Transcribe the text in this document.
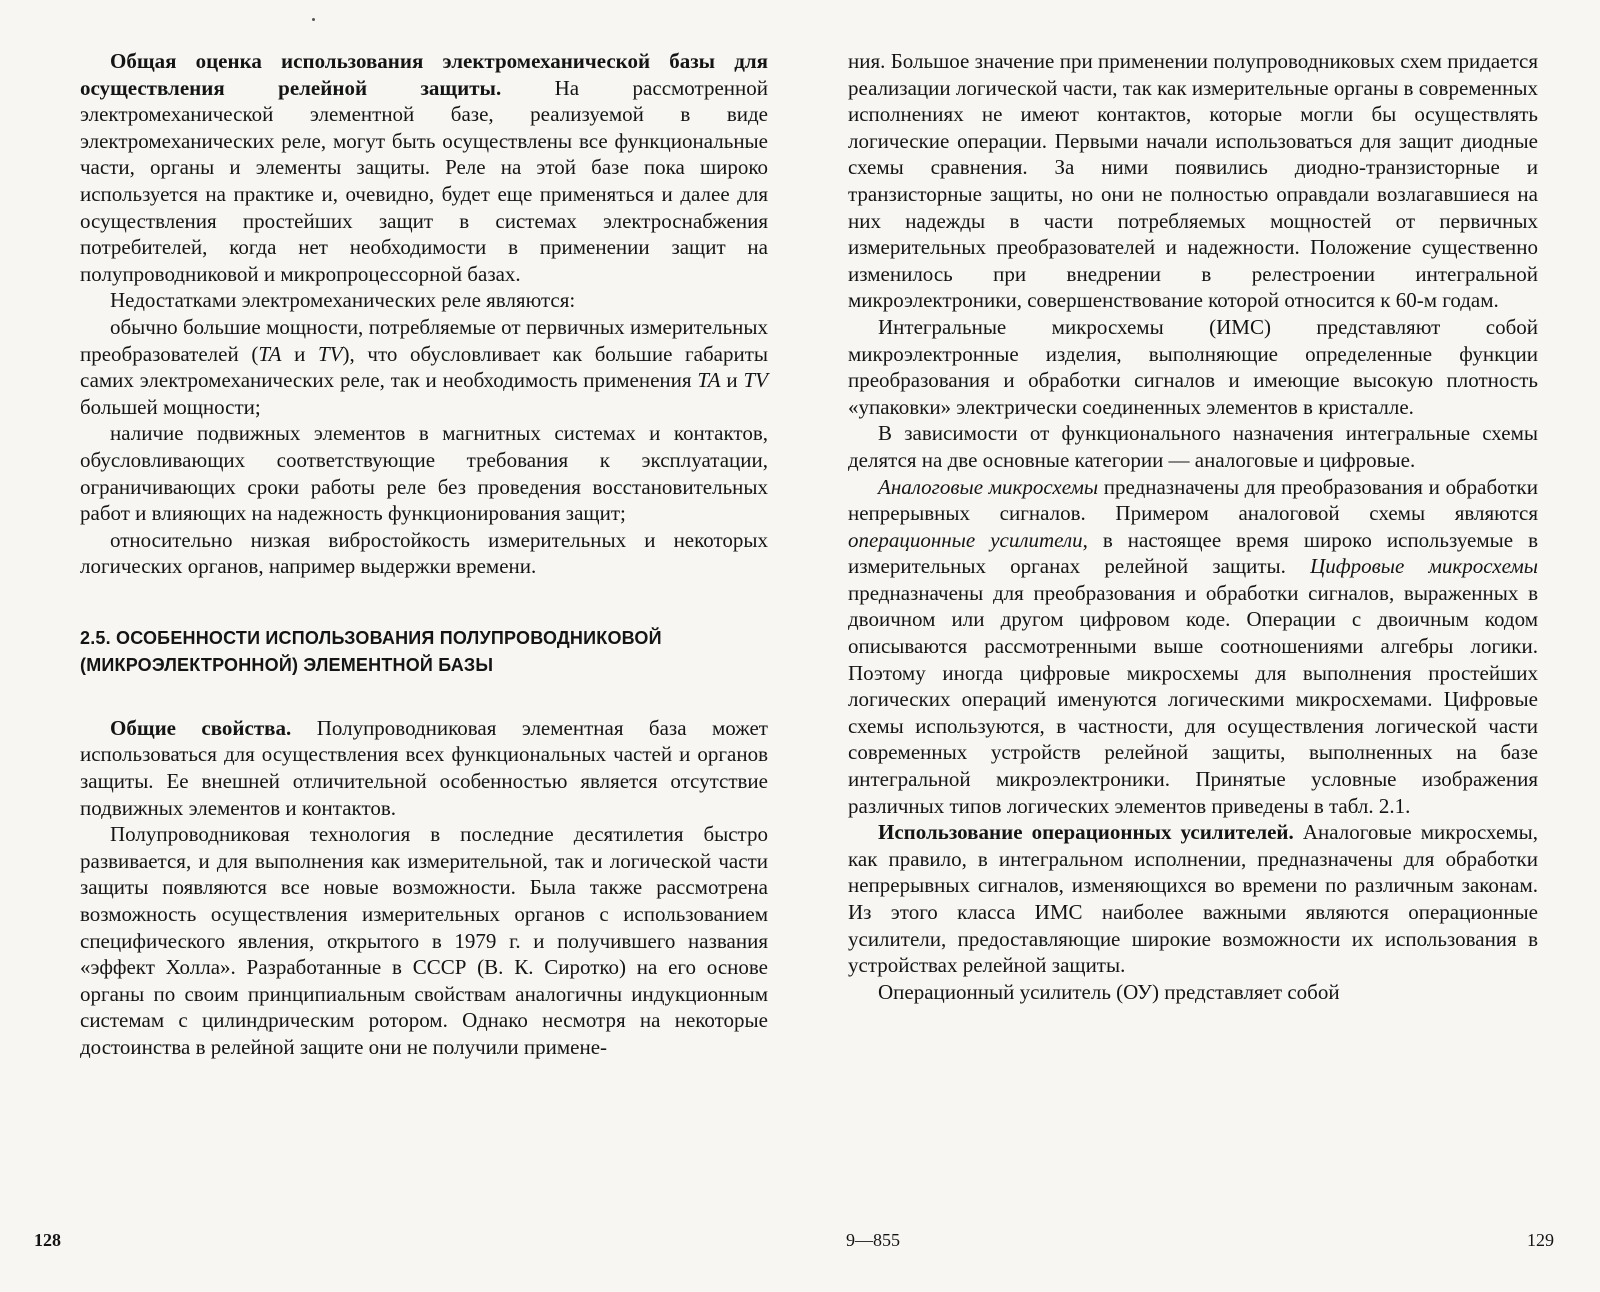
Общая оценка использования электромеханической базы для осуществления релейной защиты. На рассмотренной электромеханической элементной базе, реализуемой в виде электромеханических реле, могут быть осуществлены все функциональные части, органы и элементы защиты. Реле на этой базе пока широко используется на практике и, очевидно, будет еще применяться и далее для осуществления простейших защит в системах электроснабжения потребителей, когда нет необходимости в применении защит на полупроводниковой и микропроцессорной базах.

Недостатками электромеханических реле являются:

обычно большие мощности, потребляемые от первичных измерительных преобразователей (ТА и TV), что обусловливает как большие габариты самих электромеханических реле, так и необходимость применения ТА и TV большей мощности;

наличие подвижных элементов в магнитных системах и контактов, обусловливающих соответствующие требования к эксплуатации, ограничивающих сроки работы реле без проведения восстановительных работ и влияющих на надежность функционирования защит;

относительно низкая вибростойкость измерительных и некоторых логических органов, например выдержки времени.

2.5. ОСОБЕННОСТИ ИСПОЛЬЗОВАНИЯ ПОЛУПРОВОДНИКОВОЙ
(МИКРОЭЛЕКТРОННОЙ) ЭЛЕМЕНТНОЙ БАЗЫ

Общие свойства. Полупроводниковая элементная база может использоваться для осуществления всех функциональных частей и органов защиты. Ее внешней отличительной особенностью является отсутствие подвижных элементов и контактов.

Полупроводниковая технология в последние десятилетия быстро развивается, и для выполнения как измерительной, так и логической части защиты появляются все новые возможности. Была также рассмотрена возможность осуществления измерительных органов с использованием специфического явления, открытого в 1979 г. и получившего названия «эффект Холла». Разработанные в СССР (В. К. Сиротко) на его основе органы по своим принципиальным свойствам аналогичны индукционным системам с цилиндрическим ротором. Однако несмотря на некоторые достоинства в релейной защите они не получили примене-

ния. Большое значение при применении полупроводниковых схем придается реализации логической части, так как измерительные органы в современных исполнениях не имеют контактов, которые могли бы осуществлять логические операции. Первыми начали использоваться для защит диодные схемы сравнения. За ними появились диодно-транзисторные и транзисторные защиты, но они не полностью оправдали возлагавшиеся на них надежды в части потребляемых мощностей от первичных измерительных преобразователей и надежности. Положение существенно изменилось при внедрении в релестроении интегральной микроэлектроники, совершенствование которой относится к 60-м годам.

Интегральные микросхемы (ИМС) представляют собой микроэлектронные изделия, выполняющие определенные функции преобразования и обработки сигналов и имеющие высокую плотность «упаковки» электрически соединенных элементов в кристалле.

В зависимости от функционального назначения интегральные схемы делятся на две основные категории — аналоговые и цифровые.

Аналоговые микросхемы предназначены для преобразования и обработки непрерывных сигналов. Примером аналоговой схемы являются операционные усилители, в настоящее время широко используемые в измерительных органах релейной защиты. Цифровые микросхемы предназначены для преобразования и обработки сигналов, выраженных в двоичном или другом цифровом коде. Операции с двоичным кодом описываются рассмотренными выше соотношениями алгебры логики. Поэтому иногда цифровые микросхемы для выполнения простейших логических операций именуются логическими микросхемами. Цифровые схемы используются, в частности, для осуществления логической части современных устройств релейной защиты, выполненных на базе интегральной микроэлектроники. Принятые условные изображения различных типов логических элементов приведены в табл. 2.1.

Использование операционных усилителей. Аналоговые микросхемы, как правило, в интегральном исполнении, предназначены для обработки непрерывных сигналов, изменяющихся во времени по различным законам. Из этого класса ИМС наиболее важными являются операционные усилители, предоставляющие широкие возможности их использования в устройствах релейной защиты.

Операционный усилитель (ОУ) представляет собой

128	9—855	129
